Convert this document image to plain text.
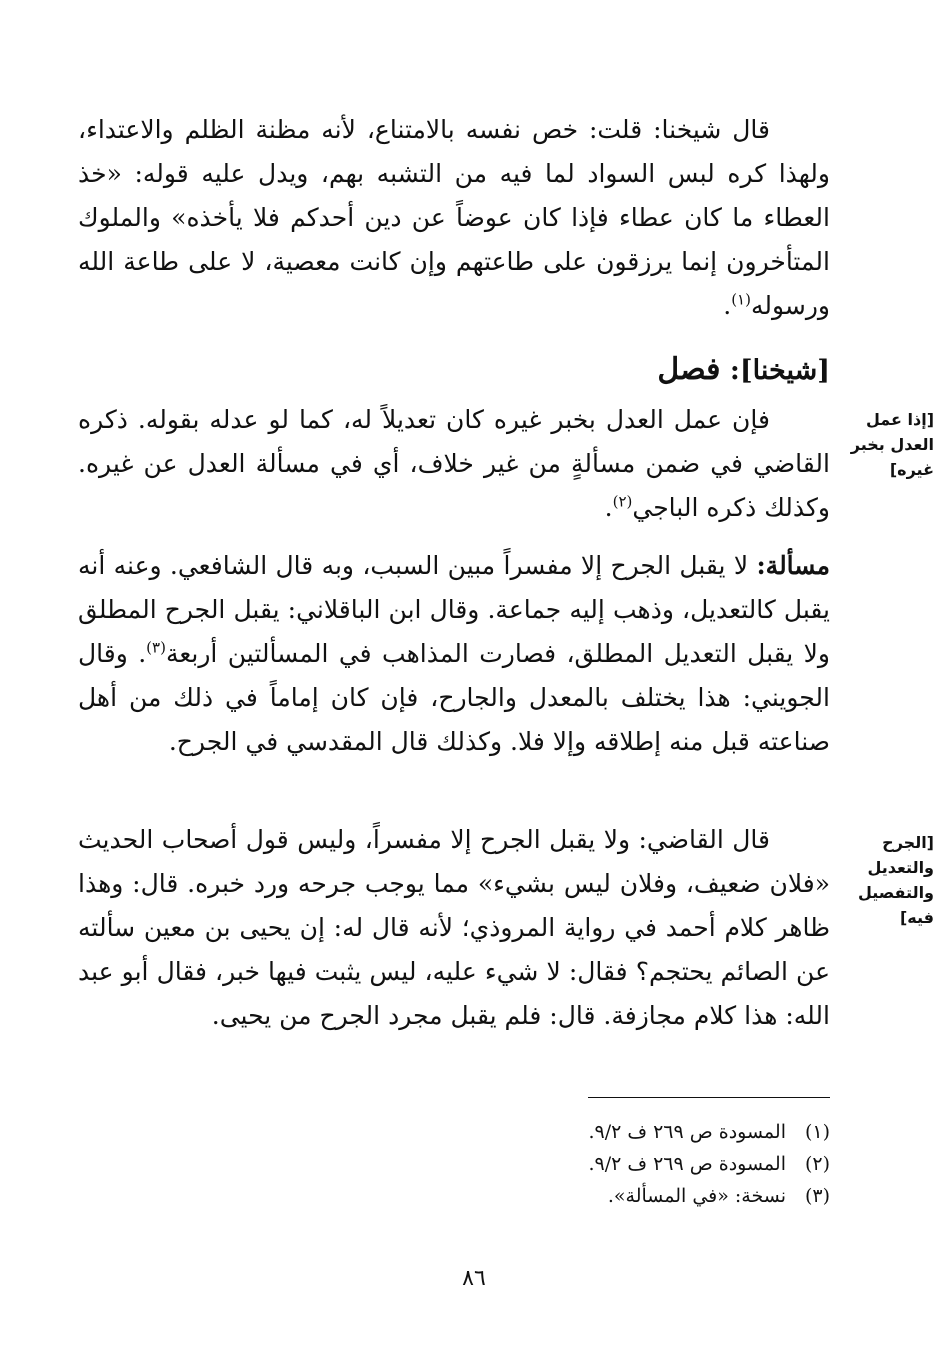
قال شيخنا: قلت: خص نفسه بالامتناع، لأنه مظنة الظلم والاعتداء، ولهذا كره لبس السواد لما فيه من التشبه بهم، ويدل عليه قوله: «خذ العطاء ما كان عطاء فإذا كان عوضاً عن دين أحدكم فلا يأخذه» والملوك المتأخرون إنما يرزقون على طاعتهم وإن كانت معصية، لا على طاعة الله ورسوله$^{(١)}$.

[شيخنا]: فصل
[إذا عمل العدل بخبر غيره]

فإن عمل العدل بخبر غيره كان تعديلاً له، كما لو عدله بقوله. ذكره القاضي في ضمن مسألةٍ من غير خلاف، أي في مسألة العدل عن غيره. وكذلك ذكره الباجي$^{(٢)}$.

مسألة: لا يقبل الجرح إلا مفسراً مبين السبب، وبه قال الشافعي. وعنه أنه يقبل كالتعديل، وذهب إليه جماعة. وقال ابن الباقلاني: يقبل الجرح المطلق ولا يقبل التعديل المطلق، فصارت المذاهب في المسألتين أربعة$^{(٣)}$. وقال الجويني: هذا يختلف بالمعدل والجارح، فإن كان إماماً في ذلك من أهل صناعته قبل منه إطلاقه وإلا فلا. وكذلك قال المقدسي في الجرح.

[الجرح والتعديل والتفصيل فيه]

قال القاضي: ولا يقبل الجرح إلا مفسراً، وليس قول أصحاب الحديث «فلان ضعيف، وفلان ليس بشيء» مما يوجب جرحه ورد خبره. قال: وهذا ظاهر كلام أحمد في رواية المروذي؛ لأنه قال له: إن يحيى بن معين سألته عن الصائم يحتجم؟ فقال: لا شيء عليه، ليس يثبت فيها خبر، فقال أبو عبد الله: هذا كلام مجازفة. قال: فلم يقبل مجرد الجرح من يحيى.

(١)المسودة ص ٢٦٩ ف ٩/٢.
(٢)المسودة ص ٢٦٩ ف ٩/٢.
(٣)نسخة: «في المسألة».
٨٦
